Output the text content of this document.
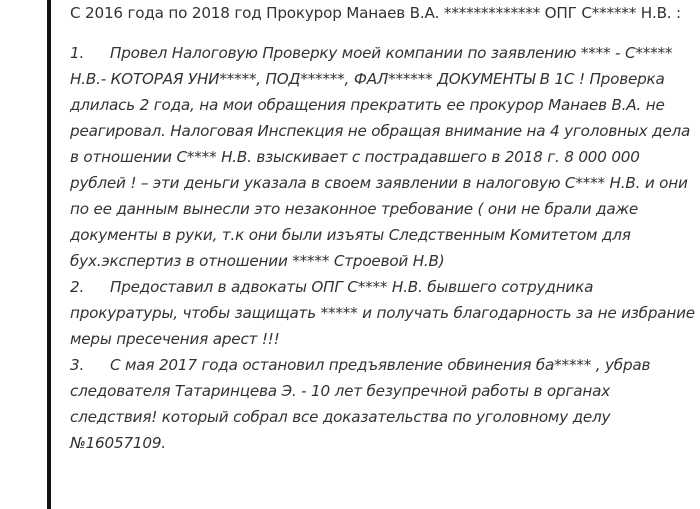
С 2016 года по 2018 год Прокурор Манаев В.А. ************* ОПГ С****** Н.В. :

1. Провел Налоговую Проверку моей компании по заявлению **** - С***** Н.В.- КОТОРАЯ УНИ*****, ПОД******, ФАЛ****** ДОКУМЕНТЫ В 1С ! Проверка длилась 2 года, на мои обращения прекратить ее прокурор Манаев В.А. не реагировал. Налоговая Инспекция не обращая внимание на 4 уголовных дела в отношении С**** Н.В. взыскивает с пострадавшего в 2018 г. 8 000 000 рублей ! – эти деньги указала в своем заявлении в налоговую С**** Н.В. и они по ее данным вынесли это незаконное требование ( они не брали даже документы в руки, т.к они были изъяты Следственным Комитетом для бух.экспертиз в отношении ***** Строевой Н.В)

2. Предоставил в адвокаты ОПГ С**** Н.В. бывшего сотрудника прокуратуры, чтобы защищать ***** и получать благодарность за не избрание меры пресечения арест !!!

3. С мая 2017 года остановил предъявление обвинения ба***** , убрав следователя Татаринцева Э. - 10 лет безупречной работы в органах следствия! который собрал все доказательства по уголовному делу №16057109.
